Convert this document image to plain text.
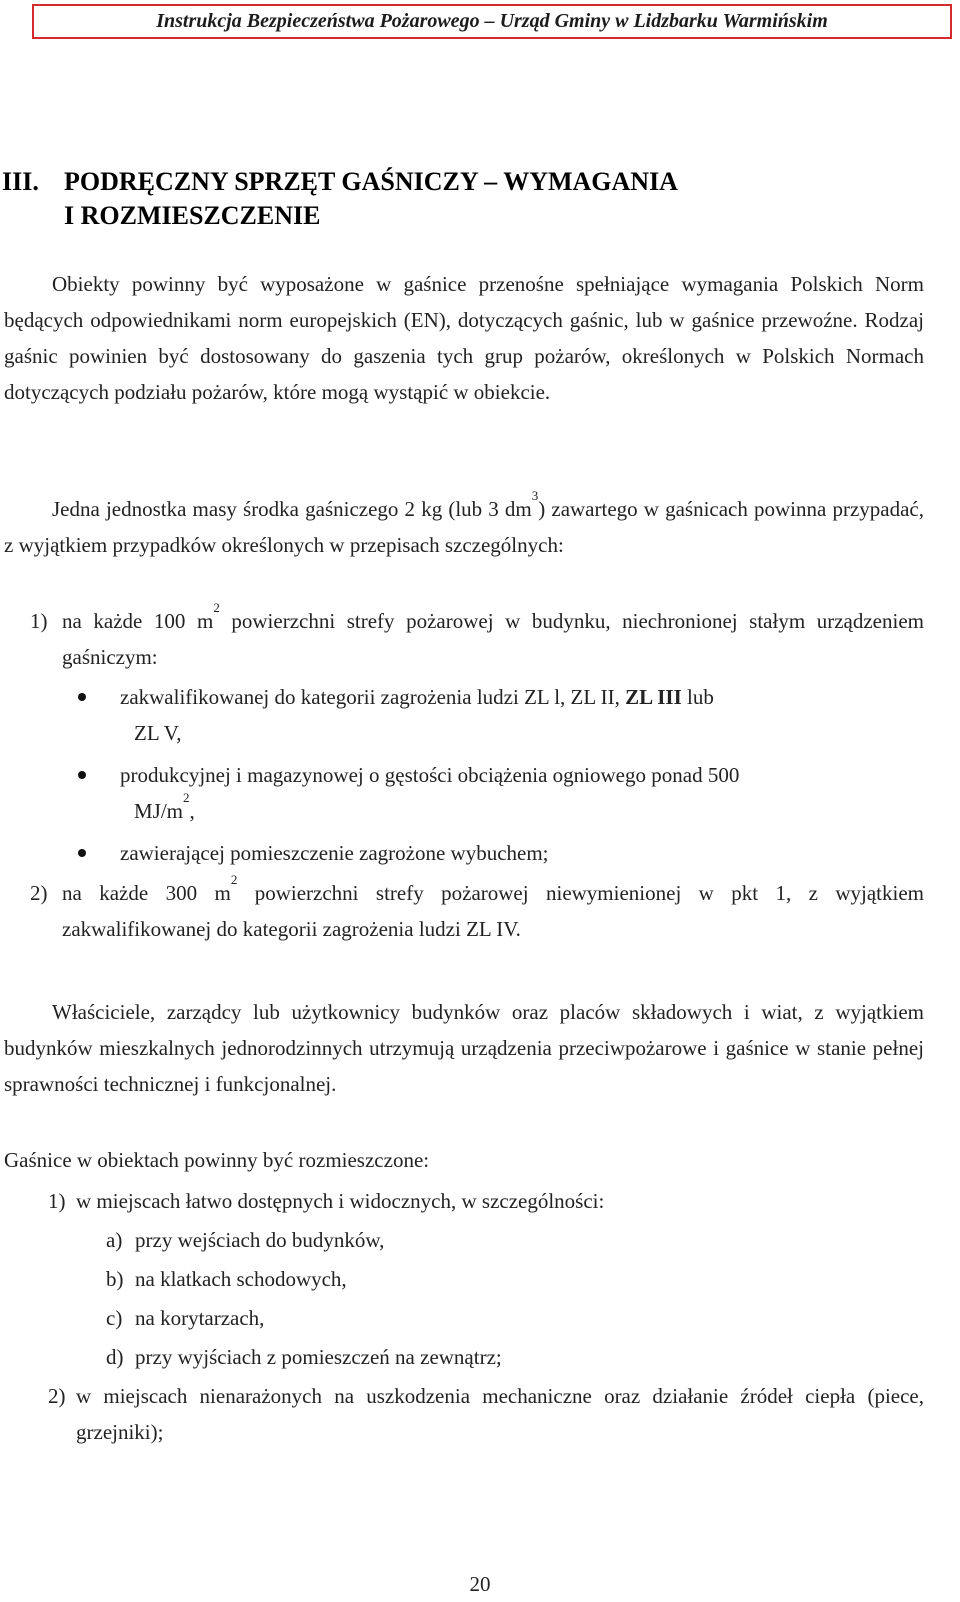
Instrukcja Bezpieczeństwa Pożarowego – Urząd Gminy w Lidzbarku Warmińskim
III. PODRĘCZNY SPRZĘT GAŚNICZY – WYMAGANIA
I ROZMIESZCZENIE
Obiekty powinny być wyposażone w gaśnice przenośne spełniające wymagania Polskich Norm będących odpowiednikami norm europejskich (EN), dotyczących gaśnic, lub w gaśnice przewoźne. Rodzaj gaśnic powinien być dostosowany do gaszenia tych grup pożarów, określonych w Polskich Normach dotyczących podziału pożarów, które mogą wystąpić w obiekcie.
Jedna jednostka masy środka gaśniczego 2 kg (lub 3 $dm^3$) zawartego w gaśnicach powinna przypadać, z wyjątkiem przypadków określonych w przepisach szczególnych:
1) na każde 100 $m^2$ powierzchni strefy pożarowej w budynku, niechronionej stałym urządzeniem gaśniczym:
zakwalifikowanej do kategorii zagrożenia ludzi ZL l, ZL II, ZL III lub
ZL V,
produkcyjnej i magazynowej o gęstości obciążenia ogniowego ponad 500
$MJ/m^2$,
zawierającej pomieszczenie zagrożone wybuchem;
2) na każde 300 $m^2$ powierzchni strefy pożarowej niewymienionej w pkt 1, z wyjątkiem zakwalifikowanej do kategorii zagrożenia ludzi ZL IV.
Właściciele, zarządcy lub użytkownicy budynków oraz placów składowych i wiat, z wyjątkiem budynków mieszkalnych jednorodzinnych utrzymują urządzenia przeciwpożarowe i gaśnice w stanie pełnej sprawności technicznej i funkcjonalnej.
Gaśnice w obiektach powinny być rozmieszczone:
1) w miejscach łatwo dostępnych i widocznych, w szczególności:
a) przy wejściach do budynków,
b) na klatkach schodowych,
c) na korytarzach,
d) przy wyjściach z pomieszczeń na zewnątrz;
2) w miejscach nienarażonych na uszkodzenia mechaniczne oraz działanie źródeł ciepła (piece, grzejniki);
20
